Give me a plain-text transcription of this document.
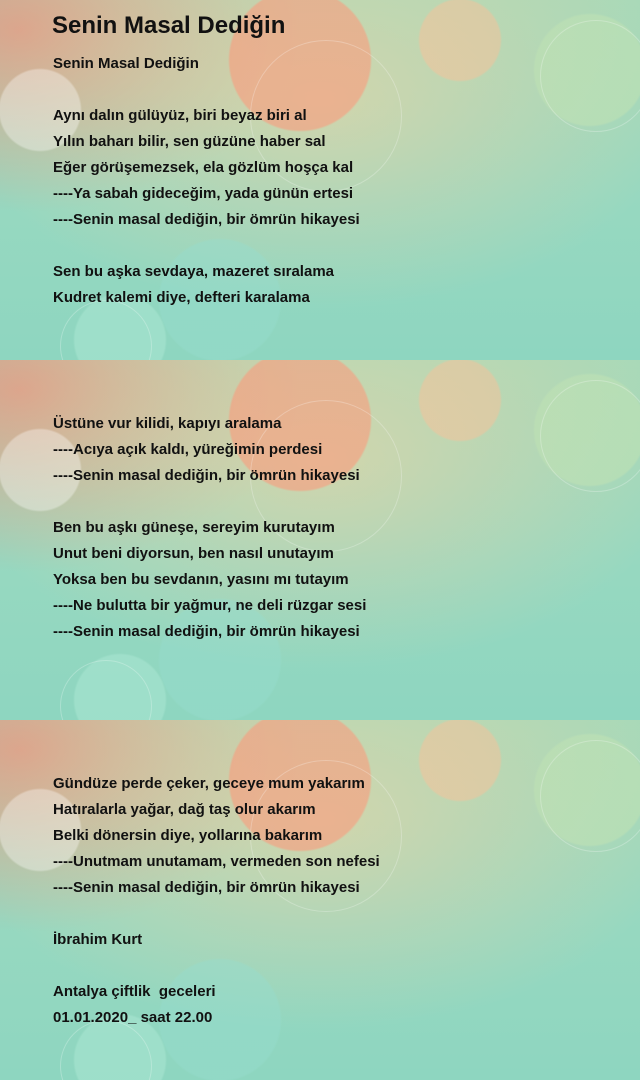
Senin Masal Dediğin
Senin Masal Dediğin
Aynı dalın gülüyüz, biri beyaz biri al
Yılın baharı bilir, sen güzüne haber sal
Eğer görüşemezsek, ela gözlüm hoşça kal
----Ya sabah gideceğim, yada günün ertesi
----Senin masal dediğin, bir ömrün hikayesi
Sen bu aşka sevdaya, mazeret sıralama
Kudret kalemi diye, defteri karalama
Üstüne vur kilidi, kapıyı aralama
----Acıya açık kaldı, yüreğimin perdesi
----Senin masal dediğin, bir ömrün hikayesi
Ben bu aşkı güneşe, sereyim kurutayım
Unut beni diyorsun, ben nasıl unutayım
Yoksa ben bu sevdanın, yasını mı tutayım
----Ne bulutta bir yağmur, ne deli rüzgar sesi
----Senin masal dediğin, bir ömrün hikayesi
Gündüze perde çeker, geceye mum yakarım
Hatıralarla yağar, dağ taş olur akarım
Belki dönersin diye, yollarına bakarım
----Unutmam unutamam, vermeden son nefesi
----Senin masal dediğin, bir ömrün hikayesi
İbrahim Kurt
Antalya çiftlik  geceleri
01.01.2020_ saat 22.00
